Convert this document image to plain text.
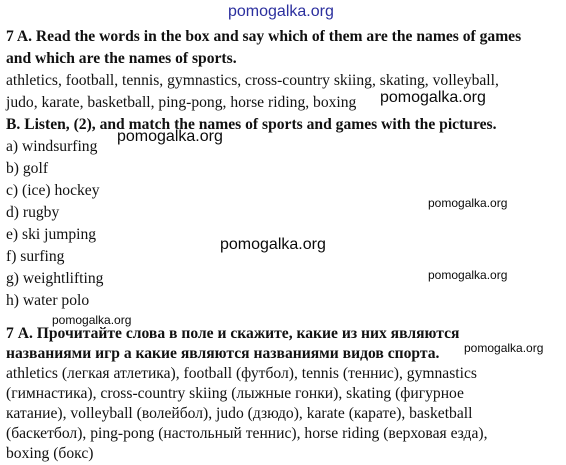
pomogalka.org
7 A. Read the words in the box and say which of them are the names of games
and which are the names of sports.
athletics, football, tennis, gymnastics, cross-country skiing, skating, volleyball,
judo, karate, basketball, ping-pong, horse riding, boxing pomogalka.org
B. Listen, (2), and match the names of sports and games with the pictures.
a) windsurfing
pomogalka.org
b) golf
c) (ice) hockey
d) rugby
pomogalka.org
e) ski jumping
pomogalka.org
f) surfing
g) weightlifting	pomogalka.org
h) water polo
pomogalka.org
7 А. Прочитайте слова в поле и скажите, какие из них являются
названиями игр а какие являются названиями видов спорта. pomogalka.org
athletics (легкая атлетика), football (футбол), tennis (теннис), gymnastics
(гимнастика), cross-country skiing (лыжные гонки), skating (фигурное
катание), volleyball (волейбол), judo (дзюдо), karate (карате), basketball
(баскетбол), ping-pong (настольный теннис), horse riding (верховая езда),
boxing (бокс)
